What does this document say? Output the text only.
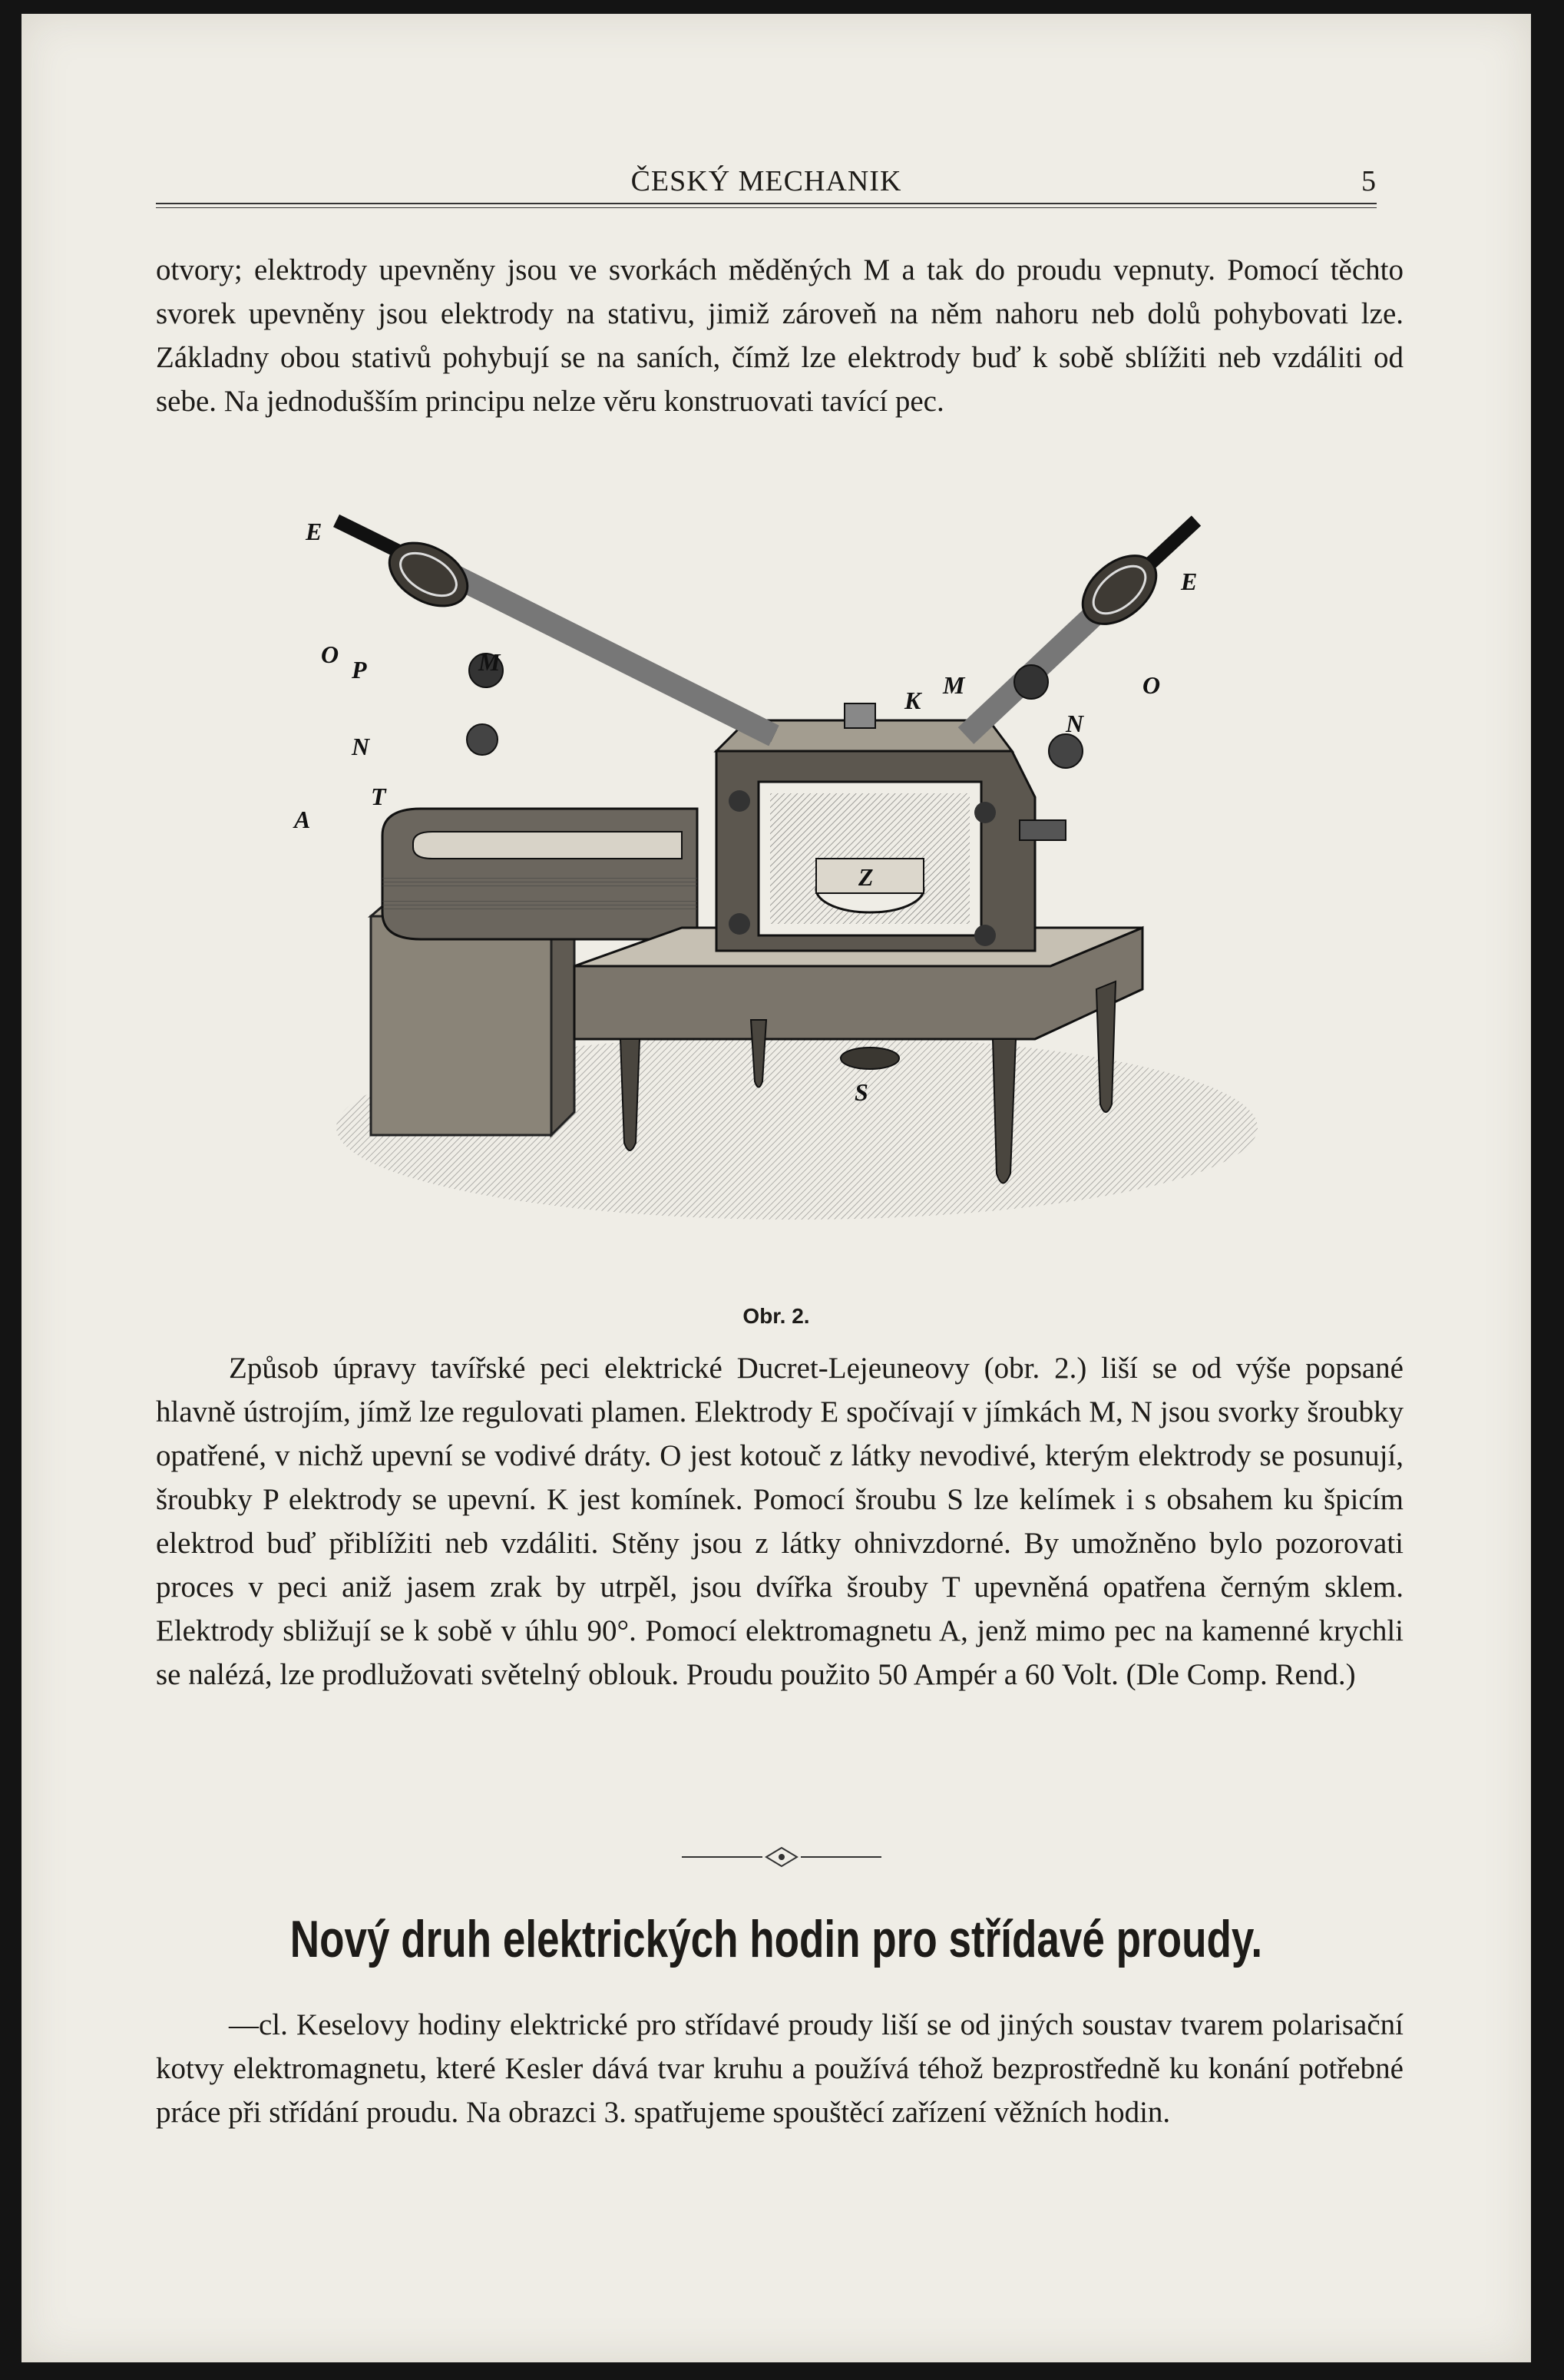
ČESKÝ MECHANIK	5

otvory; elektrody upevněny jsou ve svorkách měděných M a tak do proudu vepnuty. Pomocí těchto svorek upevněny jsou elektrody na stativu, jimiž zároveň na něm nahoru neb dolů pohybovati lze. Základny obou stativů pohybují se na saních, čímž lze elektrody buď k sobě sblížiti neb vzdáliti od sebe. Na jednodušším principu nelze věru konstruovati tavící pec.

E
E
O
O
P	M
M
K
N
N
T
A
Z
S
Obr. 2.

Způsob úpravy tavířské peci elektrické Ducret-Lejeuneovy (obr. 2.) liší se od výše popsané hlavně ústrojím, jímž lze regulovati plamen. Elektrody E spočívají v jímkách M, N jsou svorky šroubky opatřené, v nichž upevní se vodivé dráty. O jest kotouč z látky nevodivé, kterým elektrody se posunují, šroubky P elektrody se upevní. K jest komínek. Pomocí šroubu S lze kelímek i s obsahem ku špicím elektrod buď přiblížiti neb vzdáliti. Stěny jsou z látky ohnivzdorné. By umožněno bylo pozorovati proces v peci aniž jasem zrak by utrpěl, jsou dvířka šrouby T upevněná opatřena černým sklem. Elektrody sbližují se k sobě v úhlu 90°. Pomocí elektromagnetu A, jenž mimo pec na kamenné krychli se nalézá, lze prodlužovati světelný oblouk. Proudu použito 50 Ampér a 60 Volt. (Dle Comp. Rend.)

Nový druh elektrických hodin pro střídavé proudy.

—cl. Keselovy hodiny elektrické pro střídavé proudy liší se od jiných soustav tvarem polarisační kotvy elektromagnetu, které Kesler dává tvar kruhu a používá téhož bezprostředně ku konání potřebné práce při střídání proudu. Na obrazci 3. spatřujeme spouštěcí zařízení věžních hodin.
